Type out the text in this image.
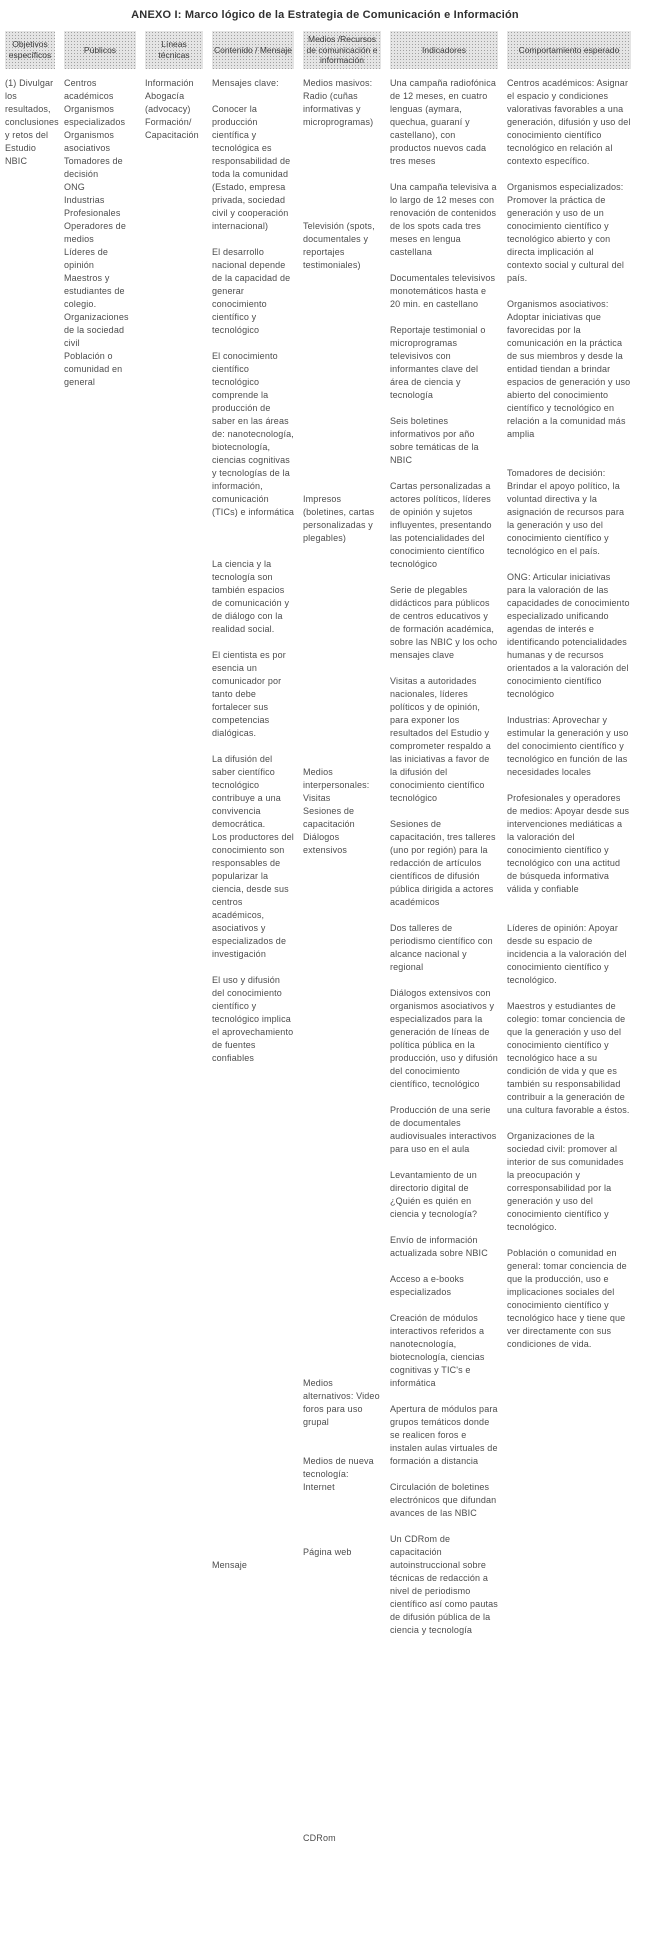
ANEXO I: Marco lógico de la Estrategia de Comunicación e Información
Objetivos específicos
Públicos
Líneas técnicas
Contenido / Mensaje
Medios /Recursos de comunicación e información
Indicadores	Comportamiento esperado

(1) Divulgar los resultados, conclusiones y retos del Estudio NBIC

Centros académicos

Organismos especializados

Organismos asociativos

Tomadores de decisión

ONG

Industrias

Profesionales

Operadores de medios

Líderes de opinión

Maestros y estudiantes de colegio.

Organizaciones de la sociedad civil

Población o comunidad en general

Información

Abogacía (advocacy)

Formación/ Capacitación

Mensajes clave:

Conocer la producción científica y tecnológica es responsabilidad de toda la comunidad (Estado, empresa privada, sociedad civil y cooperación internacional)

El desarrollo nacional depende de la capacidad de generar conocimiento científico y tecnológico

El conocimiento científico tecnológico comprende la producción de saber en las áreas de: nanotecnología, biotecnología, ciencias cognitivas y tecnologías de la información, comunicación (TICs) e informática

La ciencia y la tecnología son también espacios de comunicación y de diálogo con la realidad social.

El cientista es por esencia un comunicador por tanto debe fortalecer sus competencias dialógicas.

La difusión del saber científico tecnológico contribuye a una convivencia democrática.

Los productores del conocimiento son responsables de popularizar la ciencia, desde sus centros académicos, asociativos y especializados de investigación

El uso y difusión del conocimiento científico y tecnológico implica el aprovechamiento de fuentes confiables

Mensaje

Medios masivos: Radio (cuñas informativas y microprogramas)

Televisión (spots, documentales y reportajes testimoniales)

Impresos (boletines, cartas personalizadas y plegables)

Medios interpersonales: Visitas

Sesiones de capacitación

Diálogos extensivos

Medios alternativos: Video foros para uso grupal

Medios de nueva tecnología: Internet

Página web

CDRom

Una campaña radiofónica de 12 meses, en cuatro lenguas (aymara, quechua, guaraní y castellano), con productos nuevos cada tres meses

Una campaña televisiva a lo largo de 12 meses con renovación de contenidos de los spots cada tres meses en lengua castellana

Documentales televisivos monotemáticos hasta e 20 min. en castellano

Reportaje testimonial o microprogramas televisivos con informantes clave del área de ciencia y tecnología

Seis boletines informativos por año sobre temáticas de la NBIC

Cartas personalizadas a actores políticos, líderes de opinión y sujetos influyentes, presentando las potencialidades del conocimiento científico tecnológico

Serie de plegables didácticos para públicos de centros educativos y de formación académica, sobre las NBIC y los ocho mensajes clave

Visitas a autoridades nacionales, líderes políticos y de opinión, para exponer los resultados del Estudio y comprometer respaldo a las iniciativas a favor de la difusión del conocimiento científico tecnológico

Sesiones de capacitación, tres talleres (uno por región) para la redacción de artículos científicos de difusión pública dirigida a actores académicos

Dos talleres de periodismo científico con alcance nacional y regional

Diálogos extensivos con organismos asociativos y especializados para la generación de líneas de política pública en la producción, uso y difusión del conocimiento científico, tecnológico

Producción de una serie de documentales audiovisuales interactivos para uso en el aula

Levantamiento de un directorio digital de ¿Quién es quién en ciencia y tecnología?

Envío de información actualizada sobre NBIC

Acceso a e-books especializados

Creación de módulos interactivos referidos a nanotecnología, biotecnología, ciencias cognitivas y TIC's e informática

Apertura de módulos para grupos temáticos donde se realicen foros e instalen aulas virtuales de formación a distancia

Circulación de boletines electrónicos que difundan avances de las NBIC

Un CDRom de capacitación autoinstruccional sobre técnicas de redacción a nivel de periodismo científico así como pautas de difusión pública de la ciencia y tecnología

Centros académicos: Asignar el espacio y condiciones valorativas favorables a una generación, difusión y uso del conocimiento científico tecnológico en relación al contexto específico.

Organismos especializados: Promover la práctica de generación y uso de un conocimiento científico y tecnológico abierto y con directa implicación al contexto social y cultural del país.

Organismos asociativos: Adoptar iniciativas que favorecidas por la comunicación en la práctica de sus miembros y desde la entidad tiendan a brindar espacios de generación y uso abierto del conocimiento científico y tecnológico en relación a la comunidad más amplia

Tomadores de decisión: Brindar el apoyo político, la voluntad directiva y la asignación de recursos para la generación y uso del conocimiento científico y tecnológico en el país.

ONG: Articular iniciativas para la valoración de las capacidades de conocimiento especializado unificando agendas de interés e identificando potencialidades humanas y de recursos orientados a la valoración del conocimiento científico tecnológico

Industrias: Aprovechar y estimular la generación y uso del conocimiento científico y tecnológico en función de las necesidades locales

Profesionales y operadores de medios: Apoyar desde sus intervenciones mediáticas a la valoración del conocimiento científico y tecnológico con una actitud de búsqueda informativa válida y confiable

Líderes de opinión: Apoyar desde su espacio de incidencia a la valoración del conocimiento científico y tecnológico.

Maestros y estudiantes de colegio: tomar conciencia de que la generación y uso del conocimiento científico y tecnológico hace a su condición de vida y que es también su responsabilidad contribuir a la generación de una cultura favorable a éstos.

Organizaciones de la sociedad civil: promover al interior de sus comunidades la preocupación y corresponsabilidad por la generación y uso del conocimiento científico y tecnológico.

Población o comunidad en general: tomar conciencia de que la producción, uso e implicaciones sociales del conocimiento científico y tecnológico hace y tiene que ver directamente con sus condiciones de vida.
